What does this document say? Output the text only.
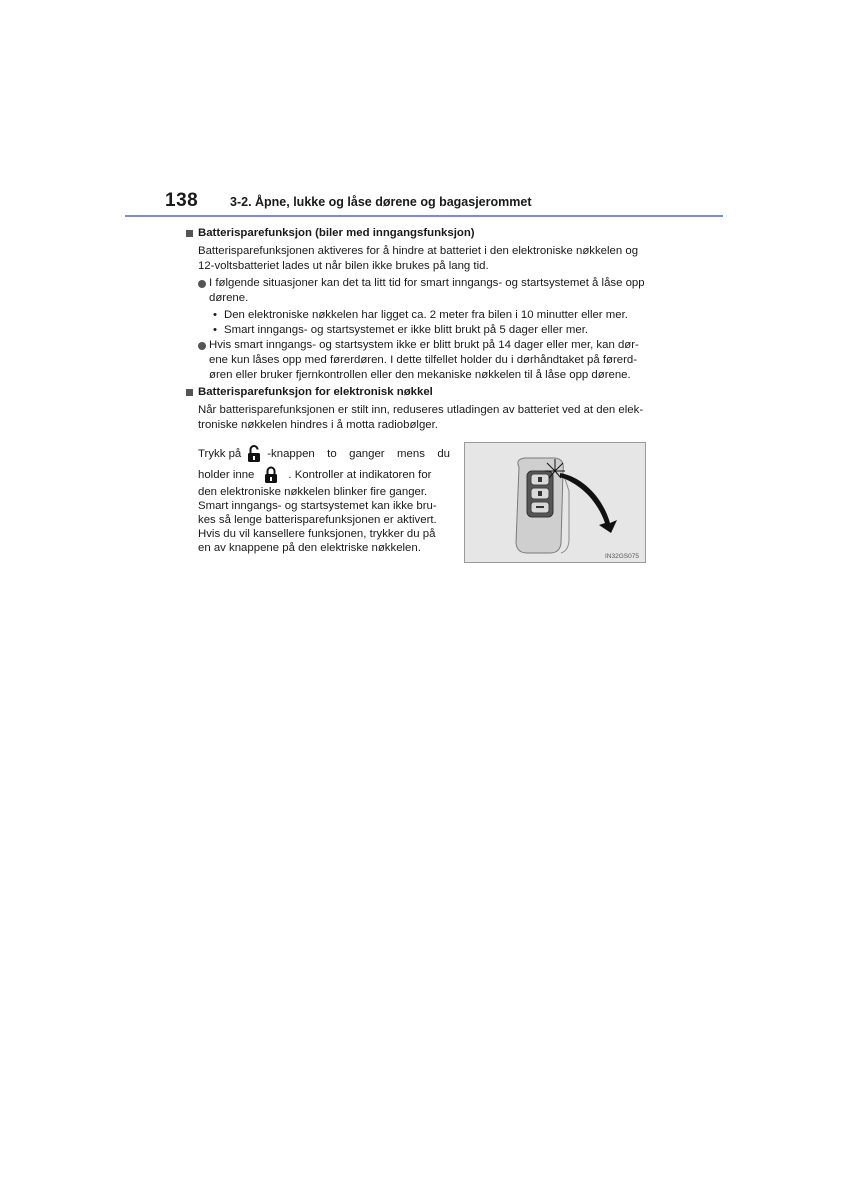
138	3-2. Åpne, lukke og låse dørene og bagasjerommet
Batterisparefunksjon (biler med inngangsfunksjon)
Batterisparefunksjonen aktiveres for å hindre at batteriet i den elektroniske nøkkelen og
12-voltsbatteriet lades ut når bilen ikke brukes på lang tid.
I følgende situasjoner kan det ta litt tid for smart inngangs- og startsystemet å låse opp
dørene.
• Den elektroniske nøkkelen har ligget ca. 2 meter fra bilen i 10 minutter eller mer.
• Smart inngangs- og startsystemet er ikke blitt brukt på 5 dager eller mer.
Hvis smart inngangs- og startsystem ikke er blitt brukt på 14 dager eller mer, kan dør-
ene kun låses opp med førerdøren. I dette tilfellet holder du i dørhåndtaket på førerd-
øren eller bruker fjernkontrollen eller den mekaniske nøkkelen til å låse opp dørene.
Batterisparefunksjon for elektronisk nøkkel
Når batterisparefunksjonen er stilt inn, reduseres utladingen av batteriet ved at den elek-
troniske nøkkelen hindres i å motta radiobølger.
Trykk på -knappen to ganger mens du
holder inne	. Kontroller at indikatoren for
den elektroniske nøkkelen blinker fire ganger.
Smart inngangs- og startsystemet kan ikke bru-
kes så lenge batterisparefunksjonen er aktivert.
Hvis du vil kansellere funksjonen, trykker du på
en av knappene på den elektriske nøkkelen.
IN32GS075
